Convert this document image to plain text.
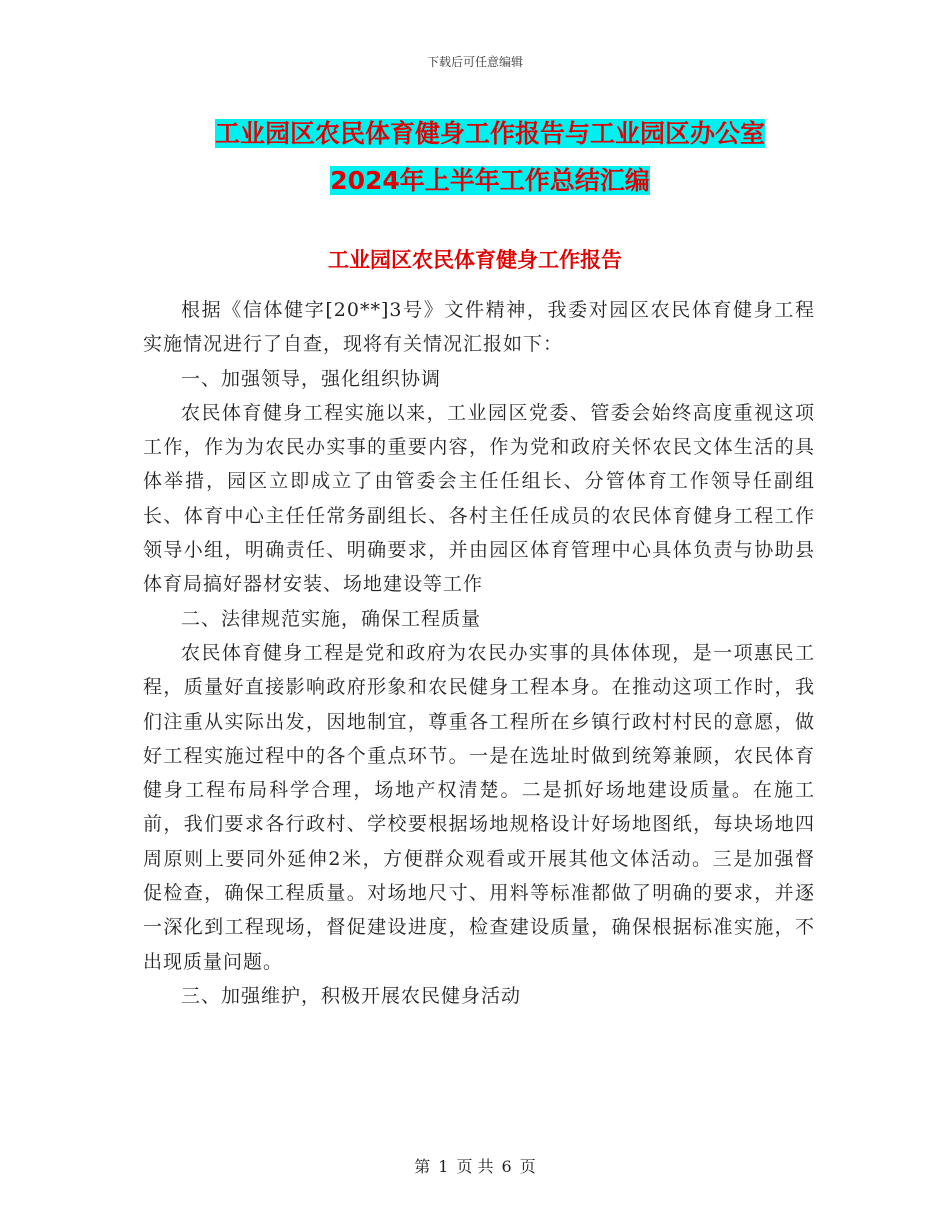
下载后可任意编辑
工业园区农民体育健身工作报告与工业园区办公室
2024年上半年工作总结汇编
工业园区农民体育健身工作报告

根据《信体健字[20**]3号》文件精神，我委对园区农民体育健身工程实施情况进行了自查，现将有关情况汇报如下：

一、加强领导，强化组织协调

农民体育健身工程实施以来，工业园区党委、管委会始终高度重视这项工作，作为为农民办实事的重要内容，作为党和政府关怀农民文体生活的具体举措，园区立即成立了由管委会主任任组长、分管体育工作领导任副组长、体育中心主任任常务副组长、各村主任任成员的农民体育健身工程工作领导小组，明确责任、明确要求，并由园区体育管理中心具体负责与协助县体育局搞好器材安装、场地建设等工作

二、法律规范实施，确保工程质量

农民体育健身工程是党和政府为农民办实事的具体体现，是一项惠民工程，质量好直接影响政府形象和农民健身工程本身。在推动这项工作时，我们注重从实际出发，因地制宜，尊重各工程所在乡镇行政村村民的意愿，做好工程实施过程中的各个重点环节。一是在选址时做到统筹兼顾，农民体育健身工程布局科学合理，场地产权清楚。二是抓好场地建设质量。在施工前，我们要求各行政村、学校要根据场地规格设计好场地图纸，每块场地四周原则上要同外延伸2米，方便群众观看或开展其他文体活动。三是加强督促检查，确保工程质量。对场地尺寸、用料等标准都做了明确的要求，并逐一深化到工程现场，督促建设进度，检查建设质量，确保根据标准实施，不出现质量问题。

三、加强维护，积极开展农民健身活动

第 1 页 共 6 页
